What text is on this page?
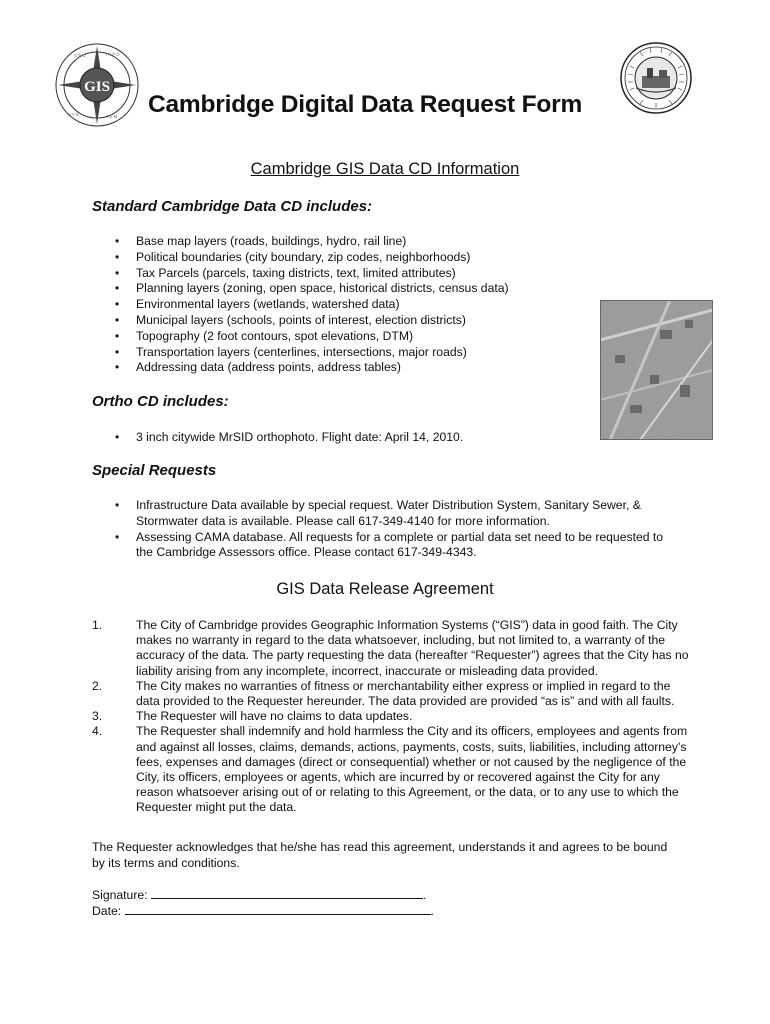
GIS
G E O	I N F O
S Y S	T E M Cambridge Digital Data Request Form
Cambridge GIS Data CD Information
Standard Cambridge Data CD includes:
• Base map layers (roads, buildings, hydro, rail line)
• Political boundaries (city boundary, zip codes, neighborhoods)
• Tax Parcels (parcels, taxing districts, text, limited attributes)
• Planning layers (zoning, open space, historical districts, census data)
• Environmental layers (wetlands, watershed data)
• Municipal layers (schools, points of interest, election districts)
• Topography (2 foot contours, spot elevations, DTM)
• Transportation layers (centerlines, intersections, major roads)
• Addressing data (address points, address tables)
Ortho CD includes:
• 3 inch citywide MrSID orthophoto. Flight date: April 14, 2010.
Special Requests
• Infrastructure Data available by special request. Water Distribution System, Sanitary Sewer, & Stormwater data is available. Please call 617-349-4140 for more information.
• Assessing CAMA database. All requests for a complete or partial data set need to be requested to the Cambridge Assessors office. Please contact 617-349-4343.
GIS Data Release Agreement
1.	The City of Cambridge provides Geographic Information Systems (“GIS”) data in good faith. The City makes no warranty in regard to the data whatsoever, including, but not limited to, a warranty of the accuracy of the data. The party requesting the data (hereafter “Requester”) agrees that the City has no liability arising from any incomplete, incorrect, inaccurate or misleading data provided.
2.	The City makes no warranties of fitness or merchantability either express or implied in regard to the data provided to the Requester hereunder. The data provided are provided “as is” and with all faults.
3.	The Requester will have no claims to data updates.
4.	The Requester shall indemnify and hold harmless the City and its officers, employees and agents from and against all losses, claims, demands, actions, payments, costs, suits, liabilities, including attorney’s fees, expenses and damages (direct or consequential) whether or not caused by the negligence of the City, its officers, employees or agents, which are incurred by or recovered against the City for any reason whatsoever arising out of or relating to this Agreement, or the data, or to any use to which the Requester might put the data.
The Requester acknowledges that he/she has read this agreement, understands it and agrees to be bound by its terms and conditions.
Signature:	.
Date:	.
